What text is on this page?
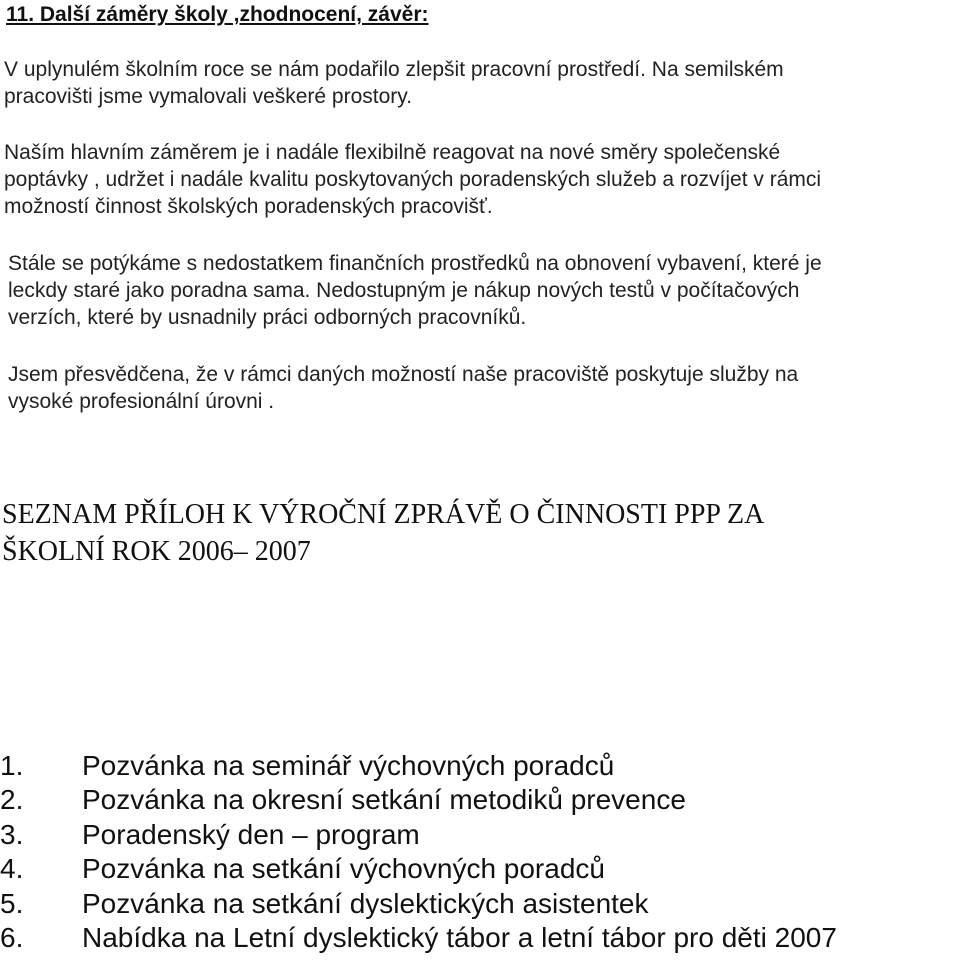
11. Další záměry školy ,zhodnocení, závěr:

V uplynulém školním roce se nám podařilo zlepšit pracovní prostředí. Na semilském
pracovišti jsme vymalovali veškeré prostory.

Naším hlavním záměrem je i nadále flexibilně reagovat na nové směry společenské
poptávky , udržet i nadále kvalitu poskytovaných poradenských služeb a rozvíjet v rámci
možností činnost školských poradenských pracovišť.

Stále se potýkáme s nedostatkem finančních prostředků na obnovení vybavení, které je
leckdy staré jako poradna sama. Nedostupným je nákup nových testů v počítačových
verzích, které by usnadnily práci odborných pracovníků.

Jsem přesvědčena, že v rámci daných možností naše pracoviště poskytuje služby na
vysoké profesionální úrovni .

SEZNAM PŘÍLOH K VÝROČNÍ ZPRÁVĚ O ČINNOSTI PPP ZA
ŠKOLNÍ ROK 2006– 2007
1. Pozvánka na seminář výchovných poradců
2. Pozvánka na okresní setkání metodiků prevence
3. Poradenský den – program
4. Pozvánka na setkání výchovných poradců
5. Pozvánka na setkání dyslektických asistentek
6. Nabídka na Letní dyslektický tábor a letní tábor pro děti 2007
